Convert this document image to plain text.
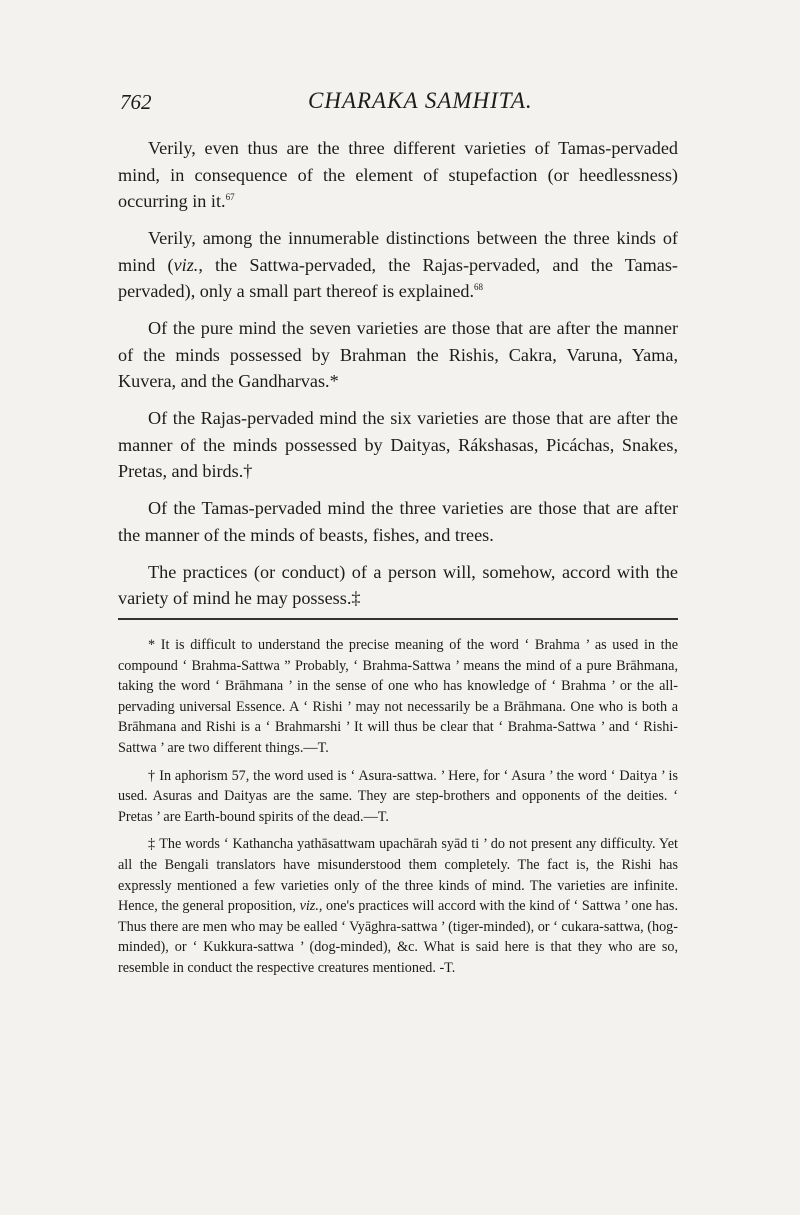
762	CHARAKA SAMHITA.

Verily, even thus are the three different varieties of Tamas-pervaded mind, in consequence of the element of stupefaction (or heedlessness) occurring in it.$^{67}$

Verily, among the innumerable distinctions between the three kinds of mind (viz., the Sattwa-pervaded, the Rajas-pervaded, and the Tamas-pervaded), only a small part thereof is explained.$^{68}$

Of the pure mind the seven varieties are those that are after the manner of the minds possessed by Brahman the Rishis, Cakra, Varuna, Yama, Kuvera, and the Gandharvas.*

Of the Rajas-pervaded mind the six varieties are those that are after the manner of the minds possessed by Daityas, Rákshasas, Picáchas, Snakes, Pretas, and birds.†

Of the Tamas-pervaded mind the three varieties are those that are after the manner of the minds of beasts, fishes, and trees.

The practices (or conduct) of a person will, somehow, accord with the variety of mind he may possess.‡

* It is difficult to understand the precise meaning of the word ‘ Brahma ’ as used in the compound ‘ Brahma-Sattwa ” Probably, ‘ Brahma-Sattwa ’ means the mind of a pure Brāhmana, taking the word ‘ Brāhmana ’ in the sense of one who has knowledge of ‘ Brahma ’ or the all-pervading universal Essence. A ‘ Rishi ’ may not necessarily be a Brāhmana. One who is both a Brāhmana and Rishi is a ‘ Brahmarshi ’ It will thus be clear that ‘ Brahma-Sattwa ’ and ‘ Rishi-Sattwa ’ are two different things.—T.

† In aphorism 57, the word used is ‘ Asura-sattwa. ’ Here, for ‘ Asura ’ the word ‘ Daitya ’ is used. Asuras and Daityas are the same. They are step-brothers and opponents of the deities. ‘ Pretas ’ are Earth-bound spirits of the dead.—T.

‡ The words ‘ Kathancha yathāsattwam upachārah syād ti ’ do not present any difficulty. Yet all the Bengali translators have misunderstood them completely. The fact is, the Rishi has expressly mentioned a few varieties only of the three kinds of mind. The varieties are infinite. Hence, the general proposition, viz., one's practices will accord with the kind of ‘ Sattwa ’ one has. Thus there are men who may be ealled ‘ Vyāghra-sattwa ’ (tiger-minded), or ‘ cukara-sattwa, (hog-minded), or ‘ Kukkura-sattwa ’ (dog-minded), &c. What is said here is that they who are so, resemble in conduct the respective creatures mentioned. -T.
